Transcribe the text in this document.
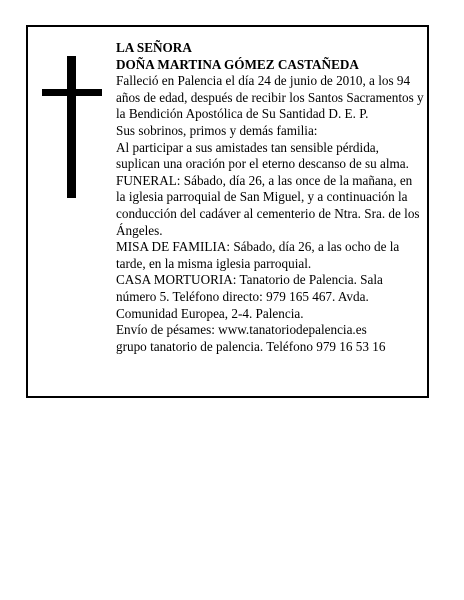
LA SEÑORA

DOÑA MARTINA GÓMEZ CASTAÑEDA

Falleció en Palencia el día 24 de junio de 2010, a los 94 años de edad, después de recibir los Santos Sacramentos y la Bendición Apostólica de Su Santidad D. E. P.

Sus sobrinos, primos y demás familia:

Al participar a sus amistades tan sensible pérdida, suplican una oración por el eterno descanso de su alma.

FUNERAL: Sábado, día 26, a las once de la mañana, en la iglesia parroquial de San Miguel, y a continuación la conducción del cadáver al cementerio de Ntra. Sra. de los Ángeles.

MISA DE FAMILIA: Sábado, día 26, a las ocho de la tarde, en la misma iglesia parroquial.

CASA MORTUORIA: Tanatorio de Palencia. Sala número 5. Teléfono directo: 979 165 467. Avda. Comunidad Europea, 2-4. Palencia.

Envío de pésames: www.tanatoriodepalencia.es

grupo tanatorio de palencia. Teléfono 979 16 53 16
